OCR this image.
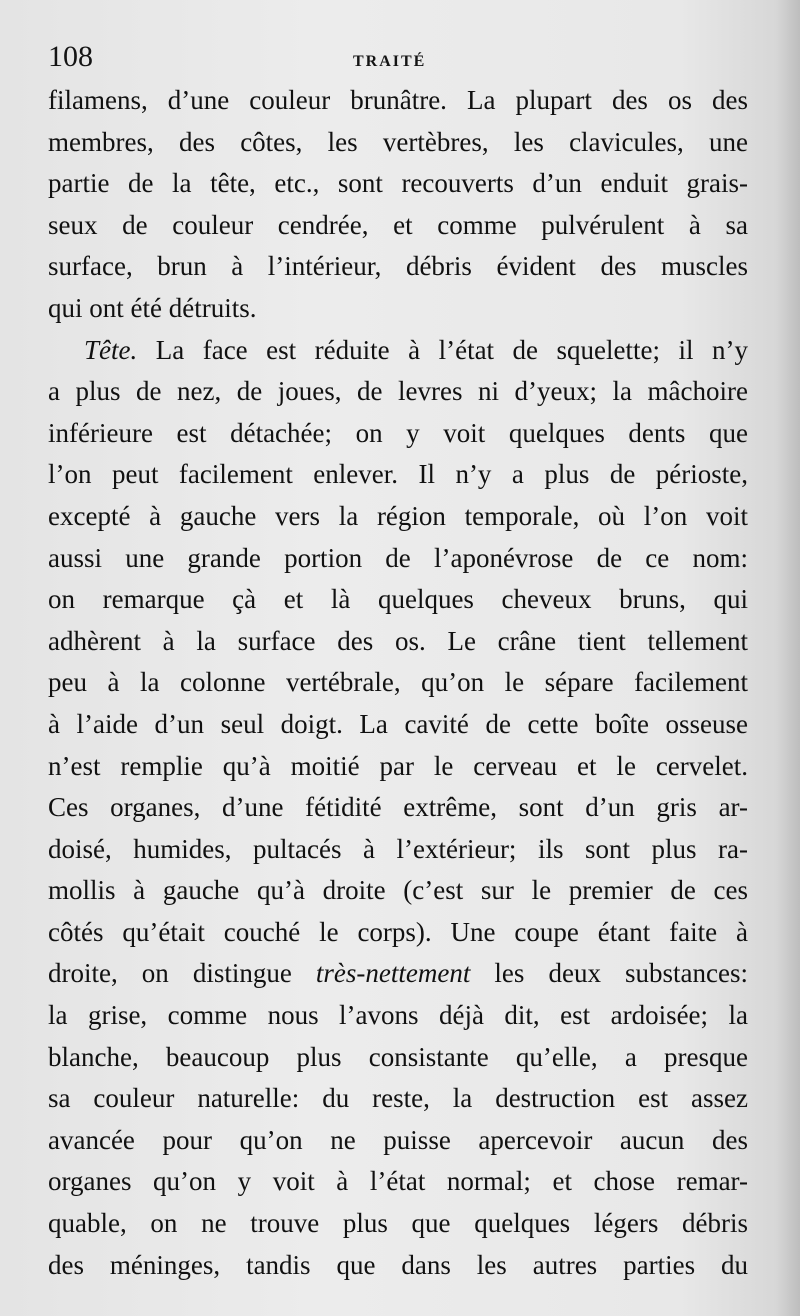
108	TRAITÉ
filamens, d’une couleur brunâtre. La plupart des os des
membres, des côtes, les vertèbres, les clavicules, une
partie de la tête, etc., sont recouverts d’un enduit grais-
seux de couleur cendrée, et comme pulvérulent à sa
surface, brun à l’intérieur, débris évident des muscles
qui ont été détruits.
Tête. La face est réduite à l’état de squelette; il n’y
a plus de nez, de joues, de levres ni d’yeux; la mâchoire
inférieure est détachée; on y voit quelques dents que
l’on peut facilement enlever. Il n’y a plus de périoste,
excepté à gauche vers la région temporale, où l’on voit
aussi une grande portion de l’aponévrose de ce nom:
on remarque çà et là quelques cheveux bruns, qui
adhèrent à la surface des os. Le crâne tient tellement
peu à la colonne vertébrale, qu’on le sépare facilement
à l’aide d’un seul doigt. La cavité de cette boîte osseuse
n’est remplie qu’à moitié par le cerveau et le cervelet.
Ces organes, d’une fétidité extrême, sont d’un gris ar-
doisé, humides, pultacés à l’extérieur; ils sont plus ra-
mollis à gauche qu’à droite (c’est sur le premier de ces
côtés qu’était couché le corps). Une coupe étant faite à
droite, on distingue très-nettement les deux substances:
la grise, comme nous l’avons déjà dit, est ardoisée; la
blanche, beaucoup plus consistante qu’elle, a presque
sa couleur naturelle: du reste, la destruction est assez
avancée pour qu’on ne puisse apercevoir aucun des
organes qu’on y voit à l’état normal; et chose remar-
quable, on ne trouve plus que quelques légers débris
des méninges, tandis que dans les autres parties du
